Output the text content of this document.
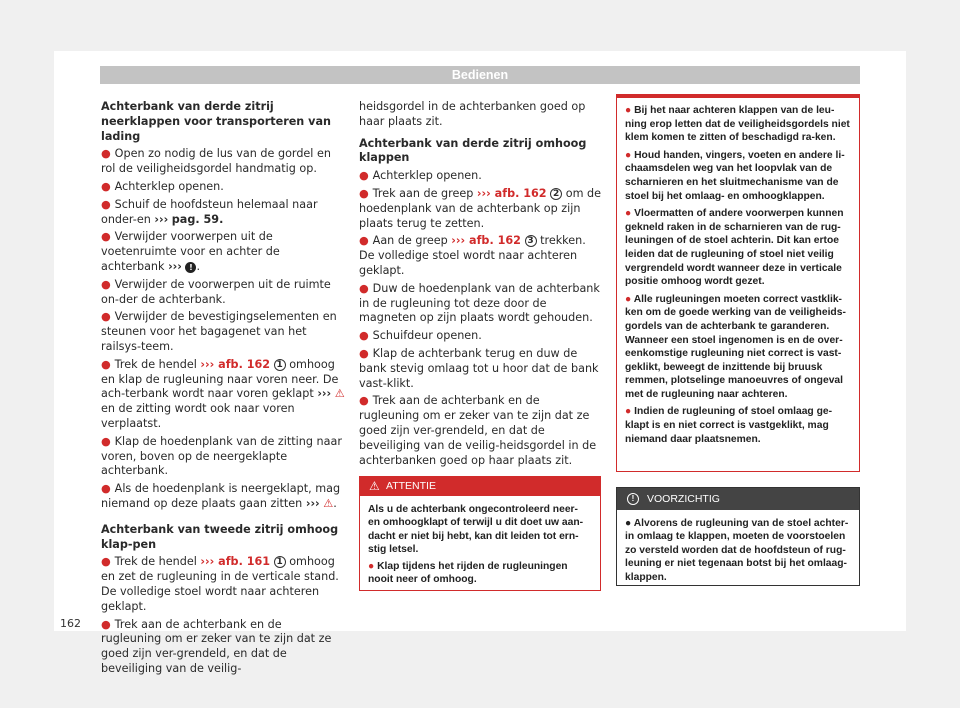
Bedienen
Achterbank van derde zitrij neerklappen voor transporteren van lading
● Open zo nodig de lus van de gordel en rol de veiligheidsgordel handmatig op.
● Achterklep openen.
● Schuif de hoofdsteun helemaal naar onder-en ››› pag. 59.
● Verwijder voorwerpen uit de voetenruimte voor en achter de achterbank ››› ! .
● Verwijder de voorwerpen uit de ruimte on-der de achterbank.
● Verwijder de bevestigingselementen en steunen voor het bagagenet van het railsys-teem.
● Trek de hendel ››› afb. 162 1 omhoog en klap de rugleuning naar voren neer. De ach-terbank wordt naar voren geklapt ››› ⚠ en de zitting wordt ook naar voren verplaatst.
● Klap de hoedenplank van de zitting naar voren, boven op de neergeklapte achterbank.
● Als de hoedenplank is neergeklapt, mag niemand op deze plaats gaan zitten ››› ⚠.
Achterbank van tweede zitrij omhoog klap-pen
● Trek de hendel ››› afb. 161 1 omhoog en zet de rugleuning in de verticale stand. De volledige stoel wordt naar achteren geklapt.
● Trek aan de achterbank en de rugleuning om er zeker van te zijn dat ze goed zijn ver-grendeld, en dat de beveiliging van de veilig-
heidsgordel in de achterbanken goed op haar plaats zit.
Achterbank van derde zitrij omhoog klappen
● Achterklep openen.
● Trek aan de greep ››› afb. 162 2 om de hoedenplank van de achterbank op zijn plaats terug te zetten.
● Aan de greep ››› afb. 162 3 trekken. De volledige stoel wordt naar achteren geklapt.
● Duw de hoedenplank van de achterbank in de rugleuning tot deze door de magneten op zijn plaats wordt gehouden.
● Schuifdeur openen.
● Klap de achterbank terug en duw de bank stevig omlaag tot u hoor dat de bank vast-klikt.
● Trek aan de achterbank en de rugleuning om er zeker van te zijn dat ze goed zijn ver-grendeld, en dat de beveiliging van de veilig-heidsgordel in de achterbanken goed op haar plaats zit.
⚠ ATTENTIE
Als u de achterbank ongecontroleerd neer- en omhoogklapt of terwijl u dit doet uw aan-dacht er niet bij hebt, kan dit leiden tot ern-stig letsel.
● Klap tijdens het rijden de rugleuningen nooit neer of omhoog.
● Bij het naar achteren klappen van de leu-ning erop letten dat de veiligheidsgordels niet klem komen te zitten of beschadigd ra-ken.
● Houd handen, vingers, voeten en andere li-chaamsdelen weg van het loopvlak van de scharnieren en het sluitmechanisme van de stoel bij het omlaag- en omhoogklappen.
● Vloermatten of andere voorwerpen kunnen gekneld raken in de scharnieren van de rug-leuningen of de stoel achterin. Dit kan ertoe leiden dat de rugleuning of stoel niet veilig vergrendeld wordt wanneer deze in verticale positie omhoog wordt gezet.
● Alle rugleuningen moeten correct vastklik-ken om de goede werking van de veiligheids-gordels van de achterbank te garanderen. Wanneer een stoel ingenomen is en de over-eenkomstige rugleuning niet correct is vast-geklikt, beweegt de inzittende bij bruusk remmen, plotselinge manoeuvres of ongeval met de rugleuning naar achteren.
● Indien de rugleuning of stoel omlaag ge-klapt is en niet correct is vastgeklikt, mag niemand daar plaatsnemen.
!	VOORZICHTIG
● Alvorens de rugleuning van de stoel achter-in omlaag te klappen, moeten de voorstoelen zo versteld worden dat de hoofdsteun of rug-leuning er niet tegenaan botst bij het omlaag-klappen.
162
